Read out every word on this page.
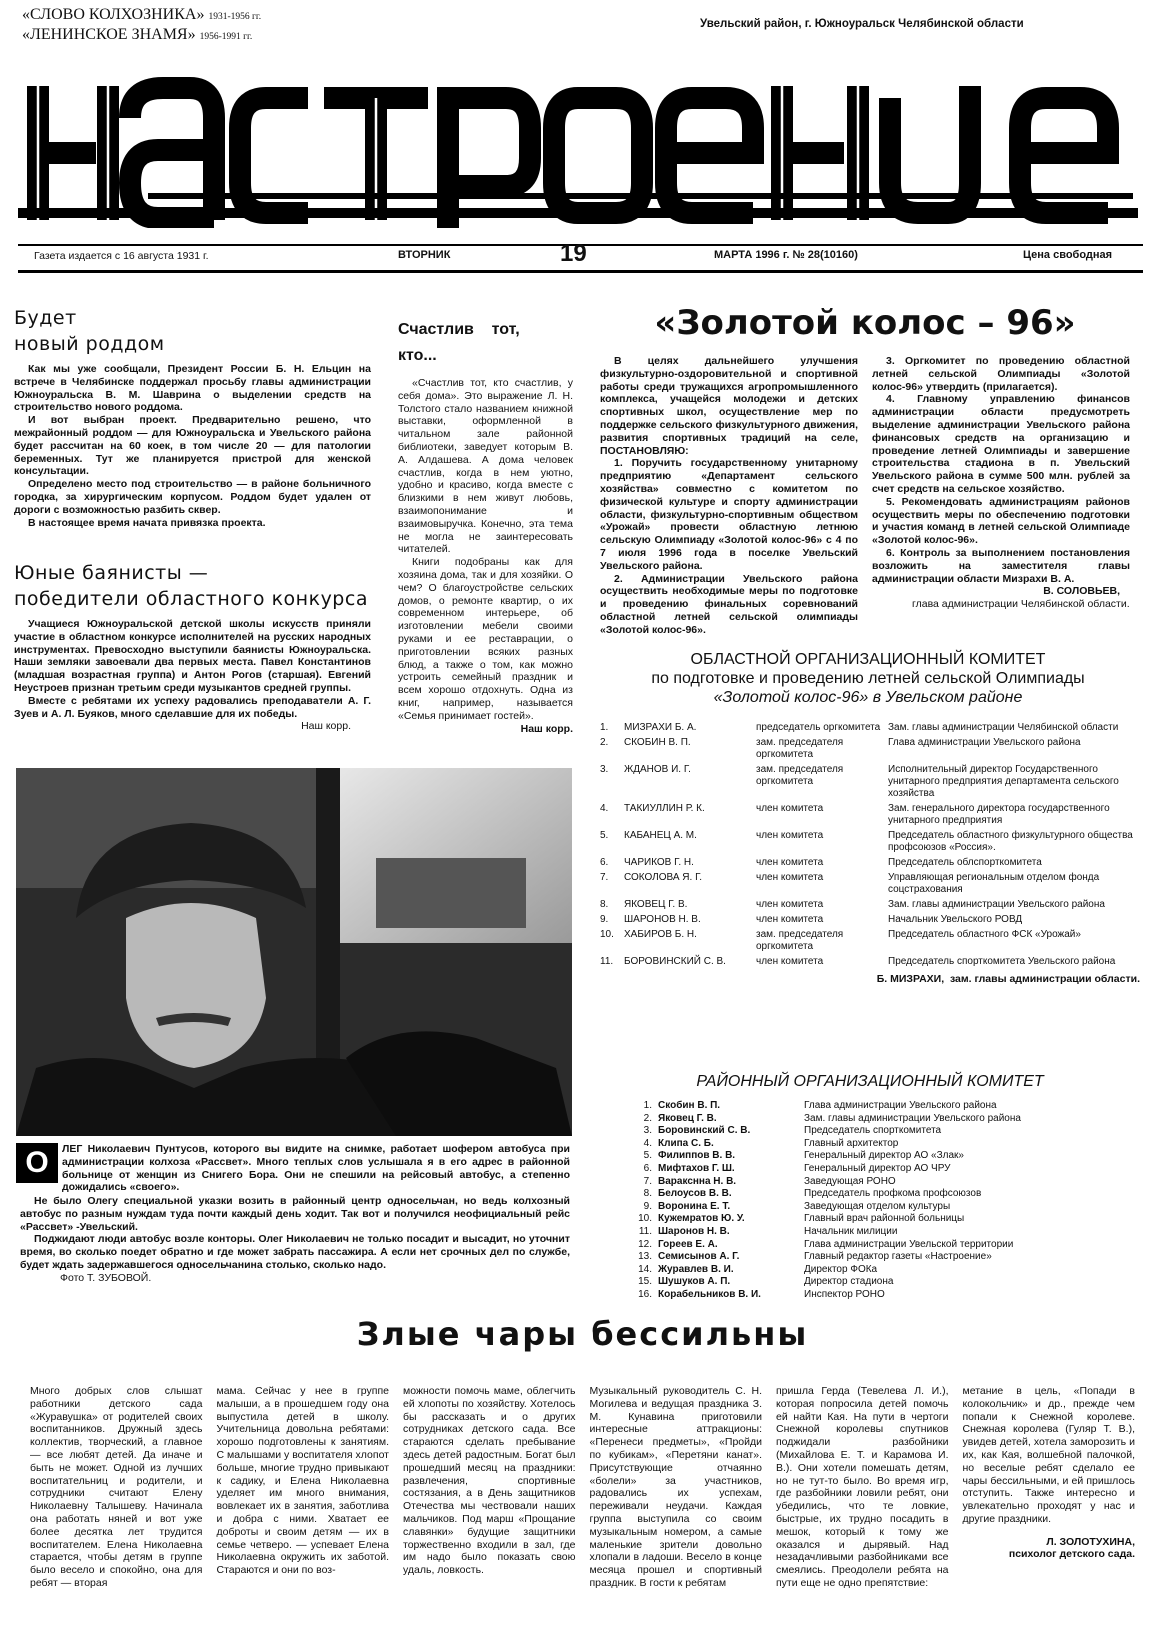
«СЛОВО КОЛХОЗНИКА» 1931-1956 гг.
«ЛЕНИНСКОЕ ЗНАМЯ» 1956-1991 гг.
Увельский район, г. Южноуральск Челябинской области
Газета издается с 16 августа 1931 г.	ВТОРНИК	19	МАРТА 1996 г. № 28(10160)	Цена свободная
Будет
новый роддом

Как мы уже сообщали, Президент России Б. Н. Ельцин на встрече в Челябинске поддержал просьбу главы администрации Южноуральска В. М. Шаврина о выделении средств на строительство нового роддома.

И вот выбран проект. Предварительно решено, что межрайонный роддом — для Южноуральска и Увельского района будет рассчитан на 60 коек, в том числе 20 — для патологии беременных. Тут же планируется пристрой для женской консультации.

Определено место под строительство — в районе больничного городка, за хирургическим корпусом. Роддом будет удален от дороги с возможностью разбить сквер.

В настоящее время начата привязка проекта.

Юные баянисты —
победители областного конкурса

Учащиеся Южноуральской детской школы искусств приняли участие в областном конкурсе исполнителей на русских народных инструментах. Превосходно выступили баянисты Южноуральска. Наши земляки завоевали два первых места. Павел Константинов (младшая возрастная группа) и Антон Рогов (старшая). Евгений Неустроев признан третьим среди музыкантов средней группы.

Вместе с ребятами их успеху радовались преподаватели А. Г. Зуев и А. Л. Буяков, много сделавшие для их победы.

Наш корр.
Счастлив    тот,
кто...

«Счастлив тот, кто счастлив, у себя дома». Это выражение Л. Н. Толстого стало названием книжной выставки, оформленной в читальном зале районной библиотеки, заведует которым В. А. Алдашева. А дома человек счастлив, когда в нем уютно, удобно и красиво, когда вместе с близкими в нем живут любовь, взаимопонимание и взаимовыручка. Конечно, эта тема не могла не заинтересовать читателей.

Книги подобраны как для хозяина дома, так и для хозяйки. О чем? О благоустройстве сельских домов, о ремонте квартир, о их современном интерьере, об изготовлении мебели своими руками и ее реставрации, о приготовлении всяких разных блюд, а также о том, как можно устроить семейный праздник и всем хорошо отдохнуть. Одна из книг, например, называется «Семья принимает гостей».

Наш корр.
О	ЛЕГ Николаевич Пунтусов, которого вы видите на снимке, работает шофером автобуса при администрации колхоза «Рассвет». Много теплых слов услышала я в его адрес в районной больнице от женщин из Снигего Бора. Они не спешили на рейсовый автобус, а степенно дожидались «своего».

Не было Олегу специальной указки возить в районный центр односельчан, но ведь колхозный автобус по разным нуждам туда почти каждый день ходит. Так вот и получился неофициальный рейс «Рассвет» -Увельский.

Поджидают люди автобус возле конторы. Олег Николаевич не только посадит и высадит, но уточнит время, во сколько поедет обратно и где может забрать пассажира. А если нет срочных дел по службе, будет ждать задержавшегося односельчанина столько, сколько надо.

Фото Т. ЗУБОВОЙ.
«Золотой колос – 96»

В целях дальнейшего улучшения физкультурно-оздоровительной и спортивной работы среди тружащихся агропромышленного комплекса, учащейся молодежи и детских спортивных школ, осуществление мер по поддержке сельского физкультурного движения, развития спортивных традиций на селе, ПОСТАНОВЛЯЮ:

1. Поручить государственному унитарному предприятию «Департамент сельского хозяйства» совместно с комитетом по физической культуре и спорту администрации области, физкультурно-спортивным обществом «Урожай» провести областную летнюю сельскую Олимпиаду «Золотой колос-96» с 4 по 7 июля 1996 года в поселке Увельский Увельского района.

2. Администрации Увельского района осуществить необходимые меры по подготовке и проведению финальных соревнований областной летней сельской олимпиады «Золотой колос-96».

3. Оргкомитет по проведению областной летней сельской Олимпиады «Золотой колос-96» утвердить (прилагается).

4. Главному управлению финансов администрации области предусмотреть выделение администрации Увельского района финансовых средств на организацию и проведение летней Олимпиады и завершение строительства стадиона в п. Увельский Увельского района в сумме 500 млн. рублей за счет средств на сельское хозяйство.

5. Рекомендовать администрациям районов осуществить меры по обеспечению подготовки и участия команд в летней сельской Олимпиаде «Золотой колос-96».

6. Контроль за выполнением постановления возложить на заместителя главы администрации области Мизрахи В. А.

В. СОЛОВЬЕВ,
глава администрации Челябинской области.
ОБЛАСТНОЙ ОРГАНИЗАЦИОННЫЙ КОМИТЕТ
по подготовке и проведению летней сельской Олимпиады
«Золотой колос-96» в Увельском районе
1.	МИЗРАХИ Б. А.	председатель оргкомитета	Зам. главы администрации Челябинской области
2.	СКОБИН В. П.	зам. председателя оргкомитета	Глава администрации Увельского района
3.	ЖДАНОВ И. Г.	зам. председателя оргкомитета	Исполнительный директор Государственного унитарного предприятия департамента сельского хозяйства
4.	ТАКИУЛЛИН Р. К.	член комитета	Зам. генерального директора государственного унитарного предприятия
5.	КАБАНЕЦ А. М.	член комитета	Председатель областного физкультурного общества профсоюзов «Россия».
6.	ЧАРИКОВ Г. Н.	член комитета	Председатель облспорткомитета
7.	СОКОЛОВА Я. Г.	член комитета	Управляющая региональным отделом фонда соцстрахования
8.	ЯКОВЕЦ Г. В.	член комитета	Зам. главы администрации Увельского района
9.	ШАРОНОВ Н. В.	член комитета	Начальник Увельского РОВД
10.	ХАБИРОВ Б. Н.	зам. председателя оргкомитета	Председатель областного ФСК «Урожай»
11.	БОРОВИНСКИЙ С. В.	член комитета	Председатель спорткомитета Увельского района
Б. МИЗРАХИ, зам. главы администрации области.
РАЙОННЫЙ ОРГАНИЗАЦИОННЫЙ КОМИТЕТ
1.	Скобин В. П.	Глава администрации Увельского района
2.	Яковец Г. В.	Зам. главы администрации Увельского района
3.	Боровинский С. В.	Председатель спорткомитета
4.	Клипа С. Б.	Главный архитектор
5.	Филиппов В. В.	Генеральный директор АО «Злак»
6.	Мифтахов Г. Ш.	Генеральный директор АО ЧРУ
7.	Варакснна Н. В.	Заведующая РОНО
8.	Белоусов В. В.	Председатель профкома профсоюзов
9.	Воронина Е. Т.	Заведующая отделом культуры
10.	Кужемратов Ю. У.	Главный врач районной больницы
11.	Шаронов Н. В.	Начальник милиции
12.	Гореев Е. А.	Глава администрации Увельской территории
13.	Семисынов А. Г.	Главный редактор газеты «Настроение»
14.	Журавлев В. И.	Директор ФОКа
15.	Шушуков А. П.	Директор стадиона
16.	Корабельников В. И.	Инспектор РОНО
Злые чары бессильны
Много добрых слов слышат работники детского сада «Журавушка» от родителей своих воспитанников. Дружный здесь коллектив, творческий, а главное — все любят детей. Да иначе и быть не может. Одной из лучших воспитательниц и родители, и сотрудники считают Елену Николаевну Талышеву. Начинала она работать няней и вот уже более десятка лет трудится воспитателем. Елена Николаевна старается, чтобы детям в группе было весело и спокойно, она для ребят — вторая
мама. Сейчас у нее в группе малыши, а в прошедшем году она выпустила детей в школу. Учительница довольна ребятами: хорошо подготовлены к занятиям. С малышами у воспитателя хлопот больше, многие трудно привыкают к садику, и Елена Николаевна уделяет им много внимания, вовлекает их в занятия, заботлива и добра с ними. Хватает ее доброты и своим детям — их в семье четверо. — успевает Елена Николаевна окружить их заботой. Стараются и они по воз-
можности помочь маме, облегчить ей хлопоты по хозяйству. Хотелось бы рассказать и о других сотрудниках детского сада. Все стараются сделать пребывание здесь детей радостным. Богат был прошедший месяц на праздники: развлечения, спортивные состязания, а в День защитников Отечества мы чествовали наших мальчиков. Под марш «Прощание славянки» будущие защитники торжественно входили в зал, где им надо было показать свою удаль, ловкость.
Музыкальный руководитель С. Н. Могилева и ведущая праздника З. М. Кунавина приготовили интересные аттракционы: «Перенеси предметы», «Пройди по кубикам», «Перетяни канат». Присутствующие отчаянно «болели» за участников, радовались их успехам, переживали неудачи. Каждая группа выступила со своим музыкальным номером, а самые маленькие зрители довольно хлопали в ладоши. Весело в конце месяца прошел и спортивный праздник. В гости к ребятам
пришла Герда (Тевелева Л. И.), которая попросила детей помочь ей найти Кая. На пути в чертоги Снежной королевы спутников поджидали разбойники (Михайлова Е. Т. и Карамова И. В.). Они хотели помешать детям, но не тут-то было. Во время игр, где разбойники ловили ребят, они убедились, что те ловкие, быстрые, их трудно посадить в мешок, который к тому же оказался и дырявый. Над незадачливыми разбойниками все смеялись. Преодолели ребята на пути еще не одно препятствие:
метание в цель, «Попади в колокольчик» и др., прежде чем попали к Снежной королеве. Снежная королева (Гуляр Т. В.), увидев детей, хотела заморозить и их, как Кая, волшебной палочкой, но веселые ребят сделало ее чары бессильными, и ей пришлось отступить. Также интересно и увлекательно проходят у нас и другие праздники.
Л. ЗОЛОТУХИНА,
психолог детского сада.
